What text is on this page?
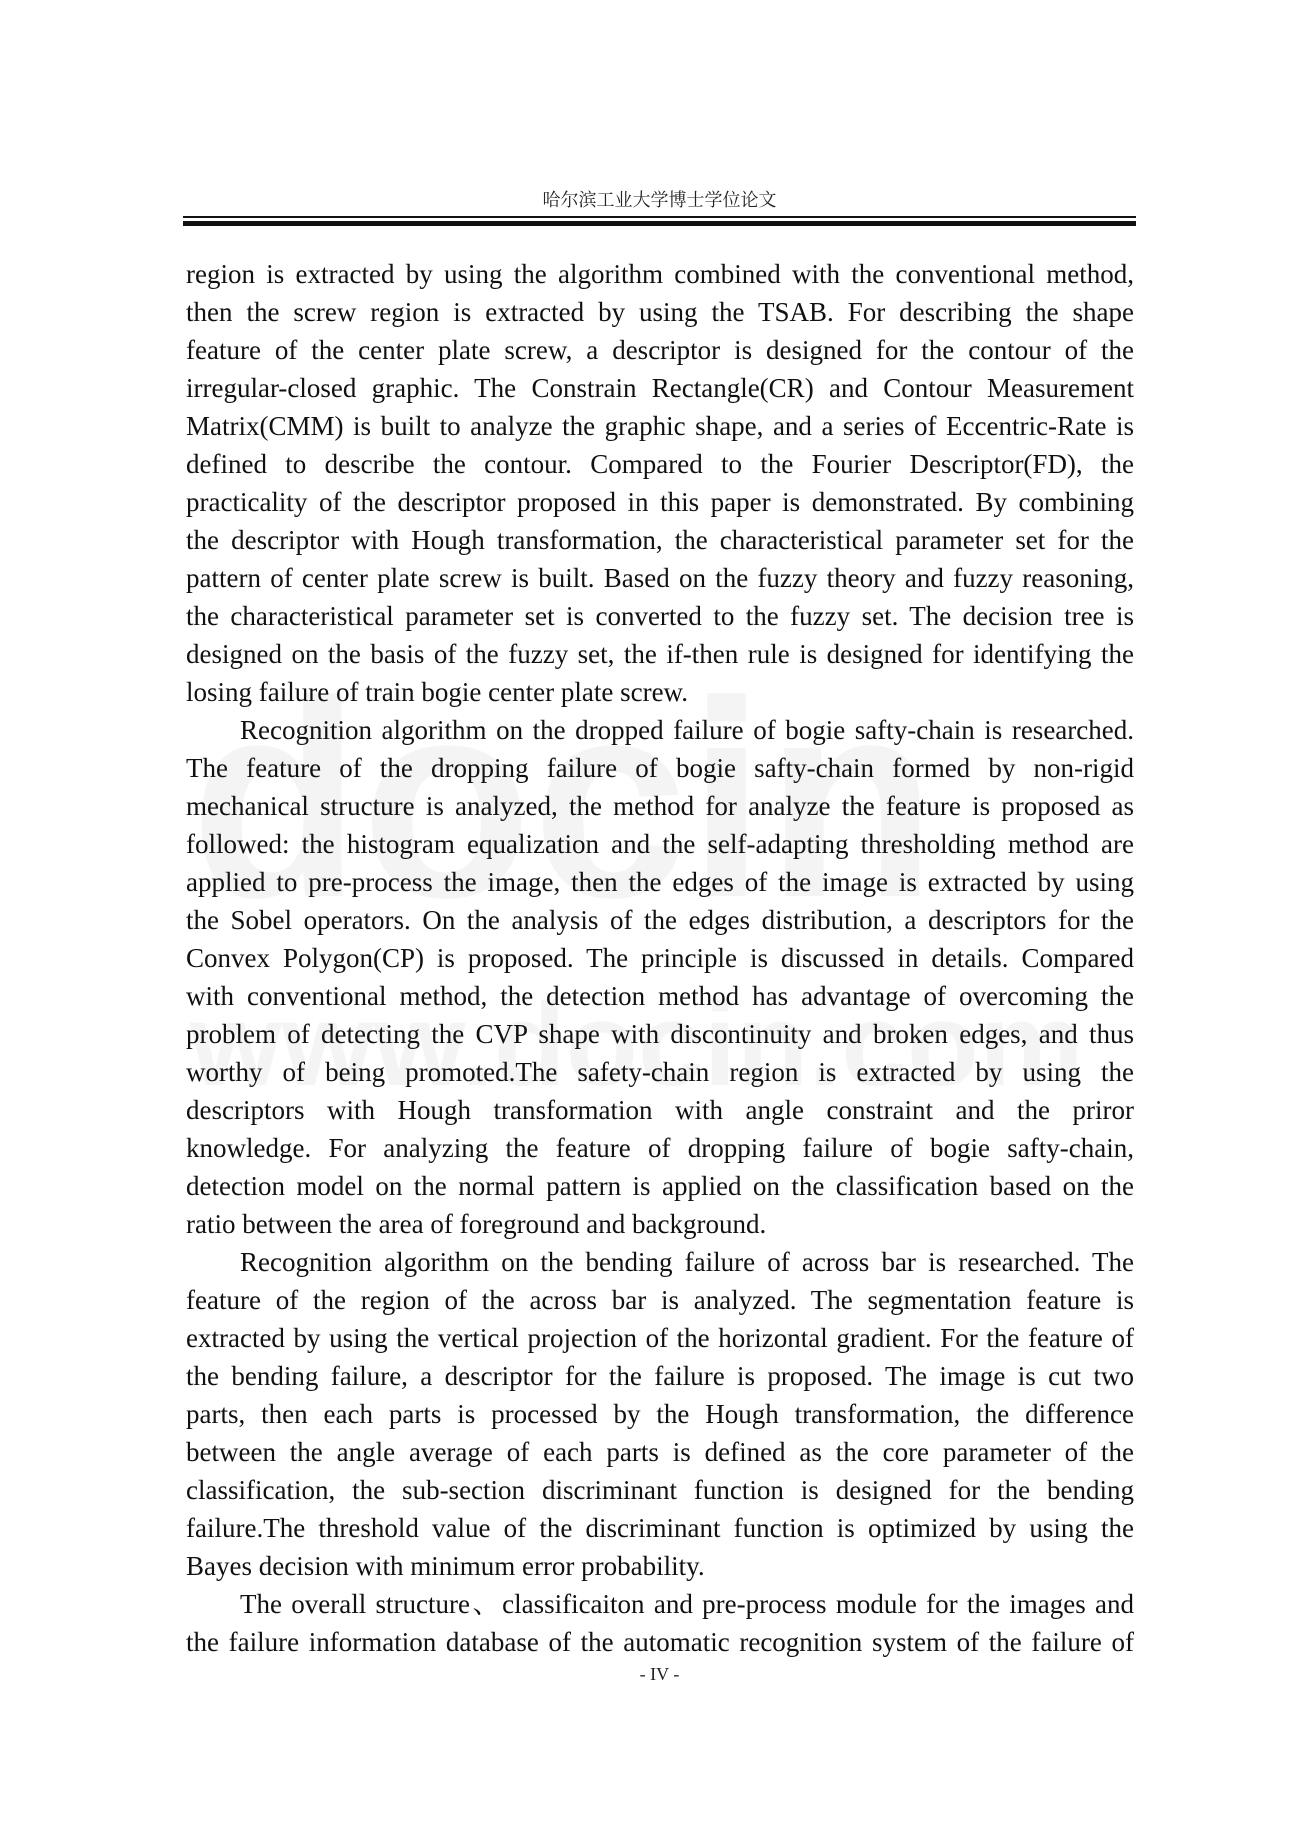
哈尔滨工业大学博士学位论文
region is extracted by using the algorithm combined with the conventional method,
then the screw region is extracted by using the TSAB. For describing the shape
feature of the center plate screw, a descriptor is designed for the contour of the
irregular-closed graphic. The Constrain Rectangle(CR) and Contour Measurement
Matrix(CMM) is built to analyze the graphic shape, and a series of Eccentric-Rate is
defined to describe the contour. Compared to the Fourier Descriptor(FD), the
practicality of the descriptor proposed in this paper is demonstrated. By combining
the descriptor with Hough transformation, the characteristical parameter set for the
pattern of center plate screw is built. Based on the fuzzy theory and fuzzy reasoning,
the characteristical parameter set is converted to the fuzzy set. The decision tree is
designed on the basis of the fuzzy set, the if-then rule is designed for identifying the
losing failure of train bogie center plate screw.
Recognition algorithm on the dropped failure of bogie safty-chain is researched.
The feature of the dropping failure of bogie safty-chain formed by non-rigid
mechanical structure is analyzed, the method for analyze the feature is proposed as
followed: the histogram equalization and the self-adapting thresholding method are
applied to pre-process the image, then the edges of the image is extracted by using
the Sobel operators. On the analysis of the edges distribution, a descriptors for the
Convex Polygon(CP) is proposed. The principle is discussed in details. Compared
with conventional method, the detection method has advantage of overcoming the
problem of detecting the CVP shape with discontinuity and broken edges, and thus
worthy of being promoted.The safety-chain region is extracted by using the
descriptors with Hough transformation with angle constraint and the priror
knowledge. For analyzing the feature of dropping failure of bogie safty-chain,
detection model on the normal pattern is applied on the classification based on the
ratio between the area of foreground and background.
Recognition algorithm on the bending failure of across bar is researched. The
feature of the region of the across bar is analyzed. The segmentation feature is
extracted by using the vertical projection of the horizontal gradient. For the feature of
the bending failure, a descriptor for the failure is proposed. The image is cut two
parts, then each parts is processed by the Hough transformation, the difference
between the angle average of each parts is defined as the core parameter of the
classification, the sub-section discriminant function is designed for the bending
failure.The threshold value of the discriminant function is optimized by using the
Bayes decision with minimum error probability.
The overall structure、classificaiton and pre-process module for the images and
the failure information database of the automatic recognition system of the failure of
- IV -
